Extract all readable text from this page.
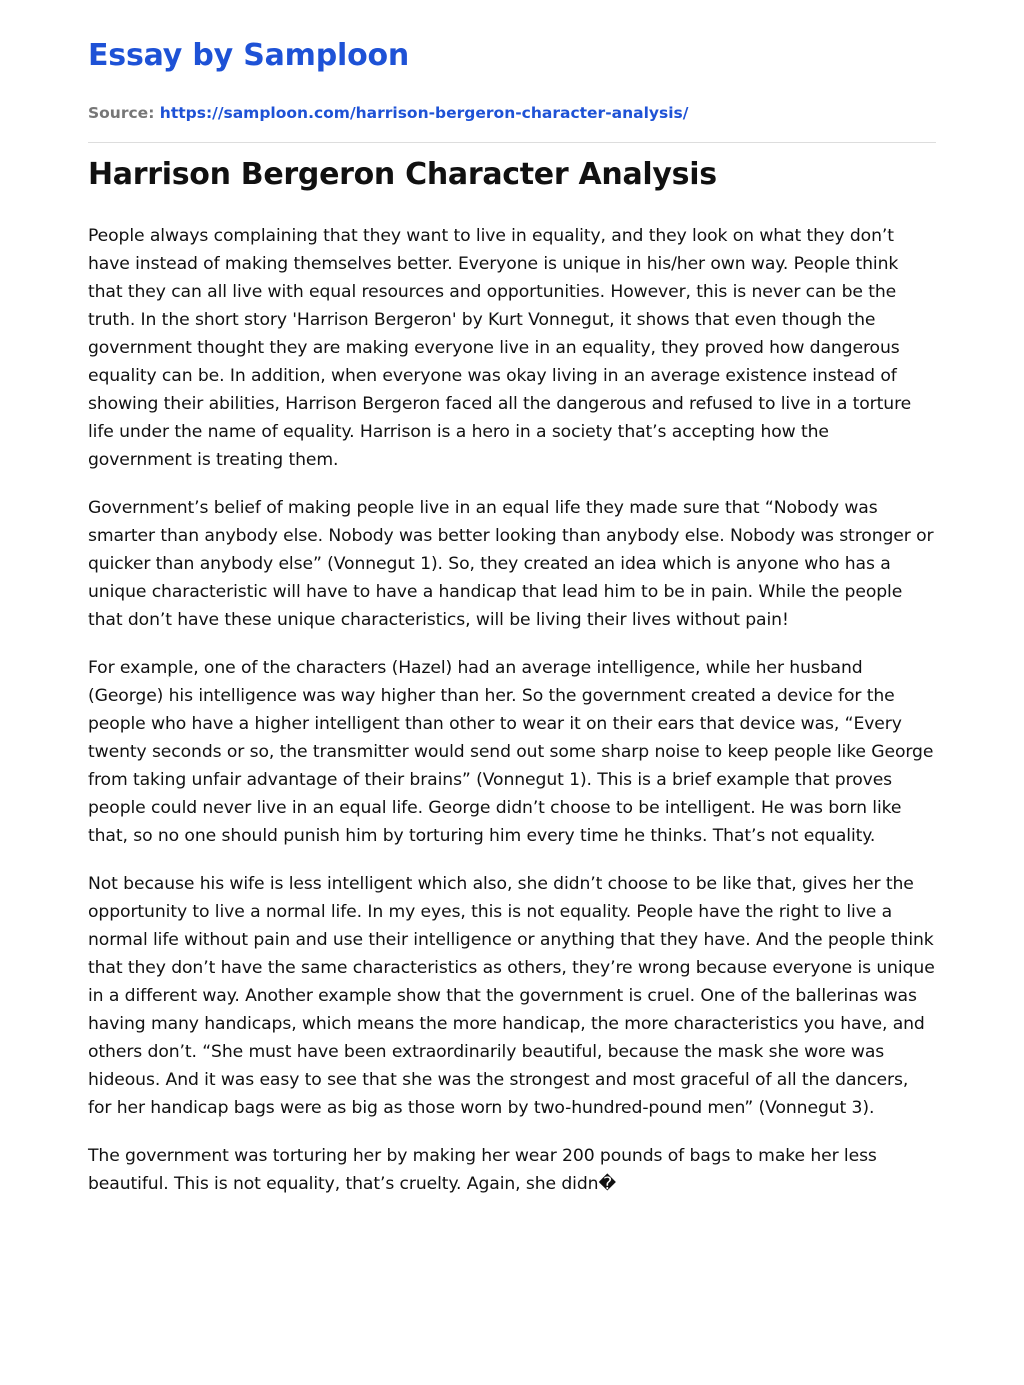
Essay by Samploon
Source: https://samploon.com/harrison-bergeron-character-analysis/
Harrison Bergeron Character Analysis

People always complaining that they want to live in equality, and they look on what they don’t have instead of making themselves better. Everyone is unique in his/her own way. People think that they can all live with equal resources and opportunities. However, this is never can be the truth. In the short story 'Harrison Bergeron' by Kurt Vonnegut, it shows that even though the government thought they are making everyone live in an equality, they proved how dangerous equality can be. In addition, when everyone was okay living in an average existence instead of showing their abilities, Harrison Bergeron faced all the dangerous and refused to live in a torture life under the name of equality. Harrison is a hero in a society that’s accepting how the government is treating them.

Government’s belief of making people live in an equal life they made sure that “Nobody was smarter than anybody else. Nobody was better looking than anybody else. Nobody was stronger or quicker than anybody else” (Vonnegut 1). So, they created an idea which is anyone who has a unique characteristic will have to have a handicap that lead him to be in pain. While the people that don’t have these unique characteristics, will be living their lives without pain!

For example, one of the characters (Hazel) had an average intelligence, while her husband (George) his intelligence was way higher than her. So the government created a device for the people who have a higher intelligent than other to wear it on their ears that device was, “Every twenty seconds or so, the transmitter would send out some sharp noise to keep people like George from taking unfair advantage of their brains” (Vonnegut 1). This is a brief example that proves people could never live in an equal life. George didn’t choose to be intelligent. He was born like that, so no one should punish him by torturing him every time he thinks. That’s not equality.

Not because his wife is less intelligent which also, she didn’t choose to be like that, gives her the opportunity to live a normal life. In my eyes, this is not equality. People have the right to live a normal life without pain and use their intelligence or anything that they have. And the people think that they don’t have the same characteristics as others, they’re wrong because everyone is unique in a different way. Another example show that the government is cruel. One of the ballerinas was having many handicaps, which means the more handicap, the more characteristics you have, and others don’t. “She must have been extraordinarily beautiful, because the mask she wore was hideous. And it was easy to see that she was the strongest and most graceful of all the dancers, for her handicap bags were as big as those worn by two-hundred-pound men” (Vonnegut 3).

The government was torturing her by making her wear 200 pounds of bags to make her less beautiful. This is not equality, that’s cruelty. Again, she didn�
